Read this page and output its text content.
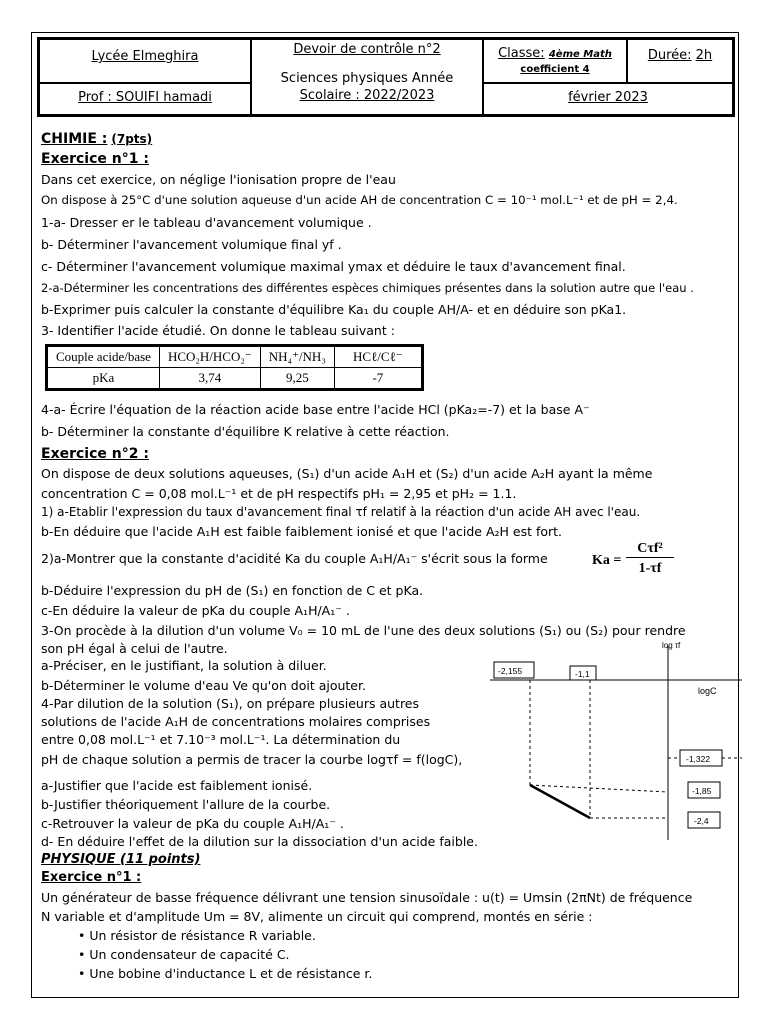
Lycée Elmeghira
Prof : SOUIFI hamadi
Devoir de contrôle n°2
Sciences physiques Année
Scolaire : 2022/2023
Classe: 4ème Math
coefficient 4
Durée: 2h
février 2023
CHIMIE : (7pts)
Exercice n°1 :
Dans cet exercice, on néglige l'ionisation propre de l'eau
On dispose à 25°C d'une solution aqueuse d'un acide AH de concentration C = 10⁻¹ mol.L⁻¹ et de pH = 2,4.
1-a- Dresser er le tableau d'avancement volumique .
b- Déterminer l'avancement volumique final yf .
c- Déterminer l'avancement volumique maximal ymax et déduire le taux d'avancement final.
2-a-Déterminer les concentrations des différentes espèces chimiques présentes dans la solution autre que l'eau .
b-Exprimer puis calculer la constante d'équilibre Ka₁ du couple AH/A- et en déduire son pKa1.
3- Identifier l'acide étudié. On donne le tableau suivant :
Couple acide/base	HCO₂H/HCO₂⁻	NH₄⁺/NH₃	HCℓ/Cℓ⁻
pKa	3,74	9,25	-7
4-a- Écrire l'équation de la réaction acide base entre l'acide HCl (pKa₂=-7) et la base A⁻
b- Déterminer la constante d'équilibre K relative à cette réaction.
Exercice n°2 :
On dispose de deux solutions aqueuses, (S₁) d'un acide A₁H et (S₂) d'un acide A₂H ayant la même
concentration C = 0,08 mol.L⁻¹ et de pH respectifs pH₁ = 2,95 et pH₂ = 1.1.
1) a-Etablir l'expression du taux d'avancement final τf relatif à la réaction d'un acide AH avec l'eau.
b-En déduire que l'acide A₁H est faible faiblement ionisé et que l'acide A₂H est fort.
2)a-Montrer que la constante d'acidité Ka du couple A₁H/A₁⁻ s'écrit sous la forme	Ka =
Cτf²
1-τf
b-Déduire l'expression du pH de (S₁) en fonction de C et pKa.
c-En déduire la valeur de pKa du couple A₁H/A₁⁻ .
3-On procède à la dilution d'un volume V₀ = 10 mL de l'une des deux solutions (S₁) ou (S₂) pour rendre
son pH égal à celui de l'autre.
a-Préciser, en le justifiant, la solution à diluer.
b-Déterminer le volume d'eau Ve qu'on doit ajouter.
4-Par dilution de la solution (S₁), on prépare plusieurs autres
solutions de l'acide A₁H de concentrations molaires comprises
entre 0,08 mol.L⁻¹ et 7.10⁻³ mol.L⁻¹. La détermination du
pH de chaque solution a permis de tracer la courbe logτf = f(logC),
a-Justifier que l'acide est faiblement ionisé.
b-Justifier théoriquement l'allure de la courbe.
c-Retrouver la valeur de pKa du couple A₁H/A₁⁻ .
d- En déduire l'effet de la dilution sur la dissociation d'un acide faible.
log τf
logC
-2,155	-1,1
-1,322
-1,85
-2,4
PHYSIQUE (11 points)
Exercice n°1 :
Un générateur de basse fréquence délivrant une tension sinusoïdale : u(t) = Umsin (2πNt) de fréquence
N variable et d'amplitude Um = 8V, alimente un circuit qui comprend, montés en série :
• Un résistor de résistance R variable.
• Un condensateur de capacité C.
• Une bobine d'inductance L et de résistance r.
